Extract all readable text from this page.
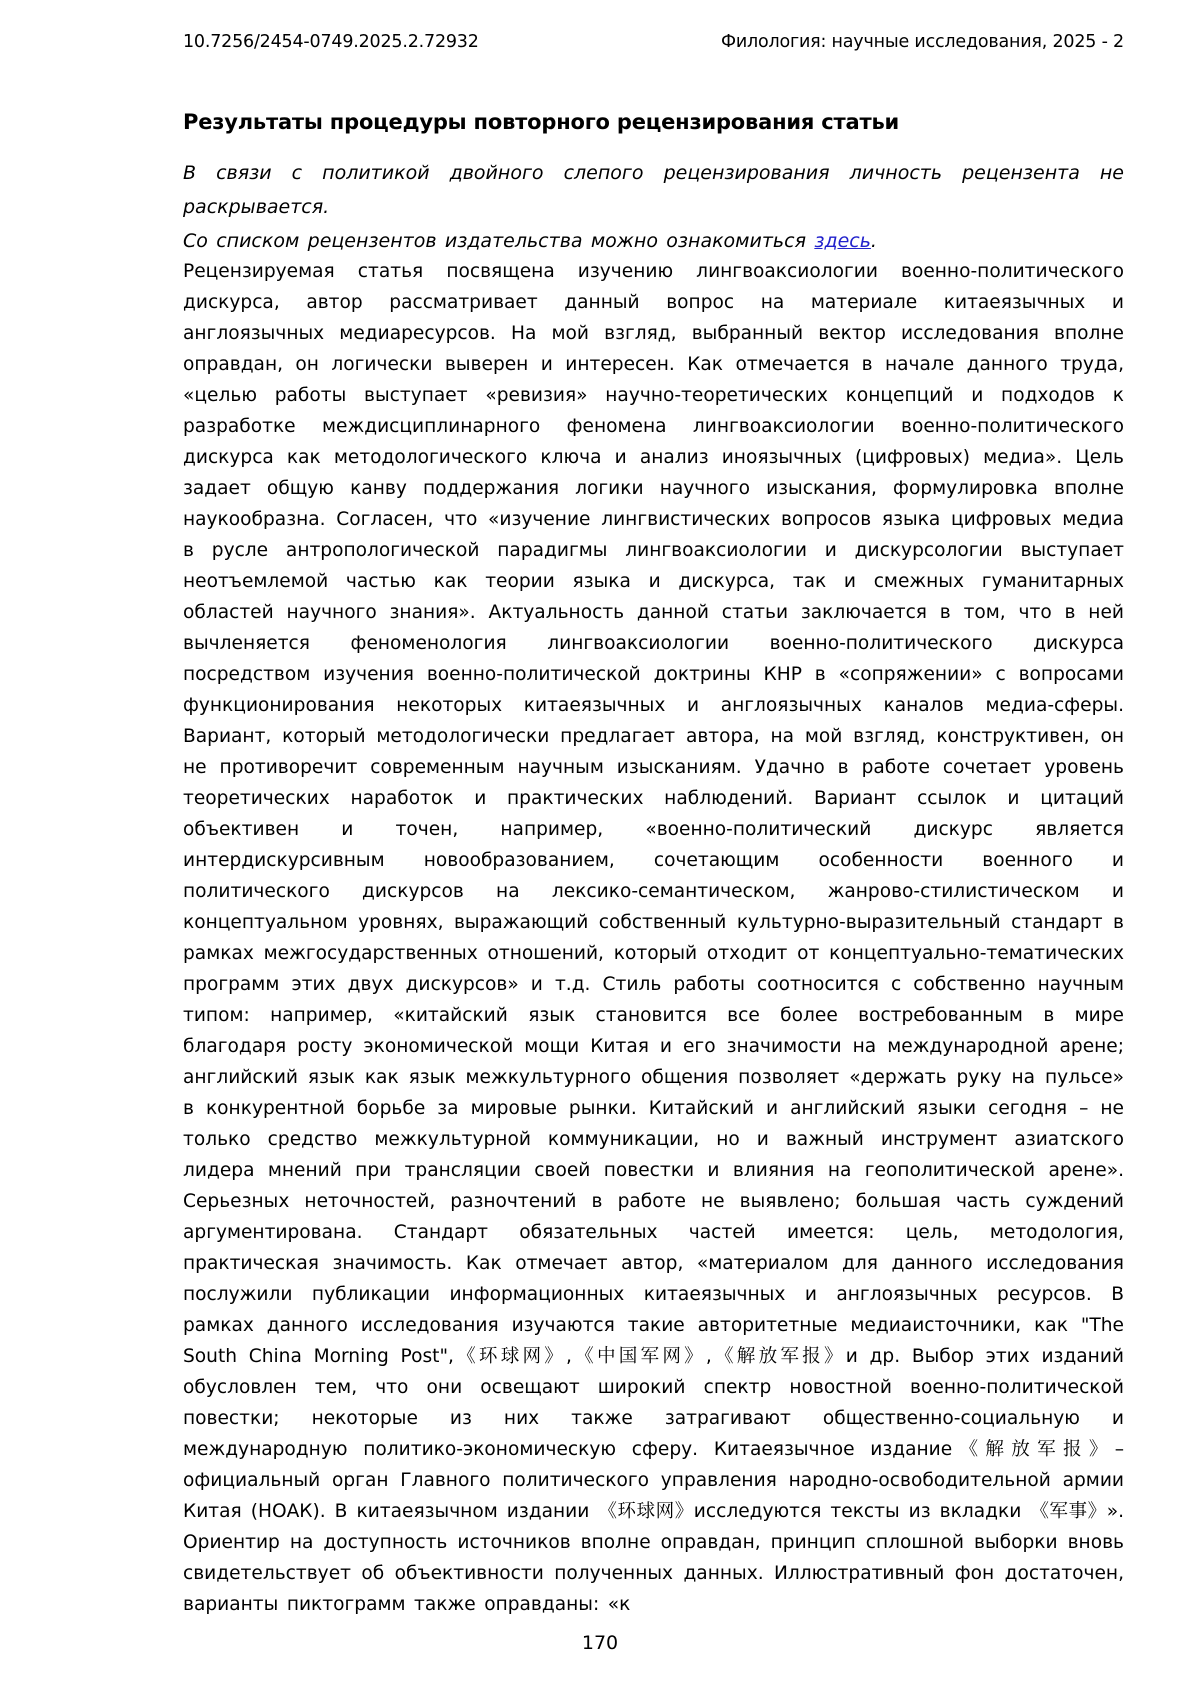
10.7256/2454-0749.2025.2.72932	Филология: научные исследования, 2025 - 2
Результаты процедуры повторного рецензирования статьи
В связи с политикой двойного слепого рецензирования личность рецензента не раскрывается.
Со списком рецензентов издательства можно ознакомиться здесь.
Рецензируемая статья посвящена изучению лингвоаксиологии военно-политического дискурса, автор рассматривает данный вопрос на материале китаеязычных и англоязычных медиаресурсов. На мой взгляд, выбранный вектор исследования вполне оправдан, он логически выверен и интересен. Как отмечается в начале данного труда, «целью работы выступает «ревизия» научно-теоретических концепций и подходов к разработке междисциплинарного феномена лингвоаксиологии военно-политического дискурса как методологического ключа и анализ иноязычных (цифровых) медиа». Цель задает общую канву поддержания логики научного изыскания, формулировка вполне наукообразна. Согласен, что «изучение лингвистических вопросов языка цифровых медиа в русле антропологической парадигмы лингвоаксиологии и дискурсологии выступает неотъемлемой частью как теории языка и дискурса, так и смежных гуманитарных областей научного знания». Актуальность данной статьи заключается в том, что в ней вычленяется феноменология лингвоаксиологии военно-политического дискурса посредством изучения военно-политической доктрины КНР в «сопряжении» с вопросами функционирования некоторых китаеязычных и англоязычных каналов медиа-сферы. Вариант, который методологически предлагает автора, на мой взгляд, конструктивен, он не противоречит современным научным изысканиям. Удачно в работе сочетает уровень теоретических наработок и практических наблюдений. Вариант ссылок и цитаций объективен и точен, например, «военно-политический дискурс является интердискурсивным новообразованием, сочетающим особенности военного и политического дискурсов на лексико-семантическом, жанрово-стилистическом и концептуальном уровнях, выражающий собственный культурно-выразительный стандарт в рамках межгосударственных отношений, который отходит от концептуально-тематических программ этих двух дискурсов» и т.д. Стиль работы соотносится с собственно научным типом: например, «китайский язык становится все более востребованным в мире благодаря росту экономической мощи Китая и его значимости на международной арене; английский язык как язык межкультурного общения позволяет «держать руку на пульсе» в конкурентной борьбе за мировые рынки. Китайский и английский языки сегодня – не только средство межкультурной коммуникации, но и важный инструмент азиатского лидера мнений при трансляции своей повестки и влияния на геополитической арене». Серьезных неточностей, разночтений в работе не выявлено; большая часть суждений аргументирована. Стандарт обязательных частей имеется: цель, методология, практическая значимость. Как отмечает автор, «материалом для данного исследования послужили публикации информационных китаеязычных и англоязычных ресурсов. В рамках данного исследования изучаются такие авторитетные медиаисточники, как "The South China Morning Post",《环球网》,《中国军网》,《解放军报》и др. Выбор этих изданий обусловлен тем, что они освещают широкий спектр новостной военно-политической повестки; некоторые из них также затрагивают общественно-социальную и международную политико-экономическую сферу. Китаеязычное издание《解放军报》– официальный орган Главного политического управления народно-освободительной армии Китая (НОАК). В китаеязычном издании 《环球网》исследуются тексты из вкладки 《军事》». Ориентир на доступность источников вполне оправдан, принцип сплошной выборки вновь свидетельствует об объективности полученных данных. Иллюстративный фон достаточен, варианты пиктограмм также оправданы: «к
170
